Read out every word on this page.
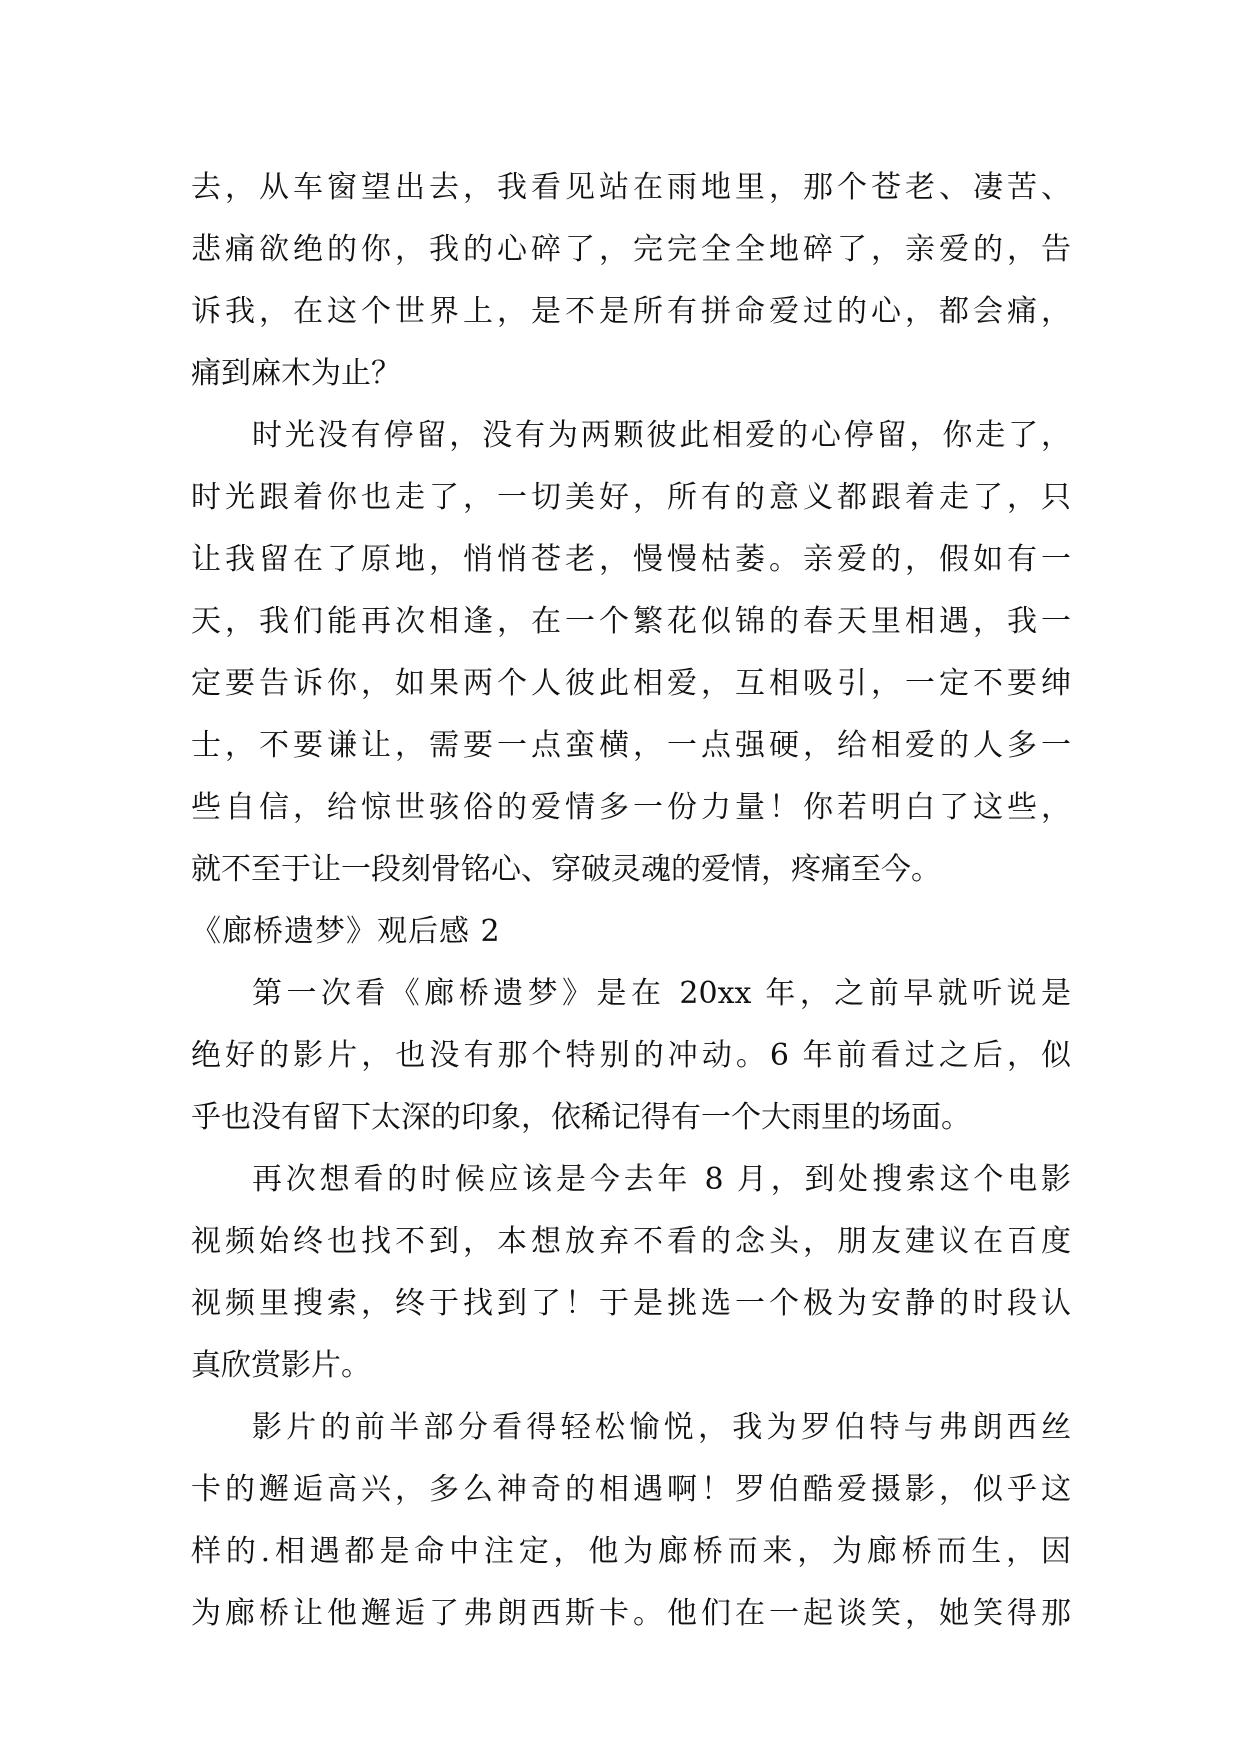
去，从车窗望出去，我看见站在雨地里，那个苍老、凄苦、
悲痛欲绝的你，我的心碎了，完完全全地碎了，亲爱的，告
诉我，在这个世界上，是不是所有拼命爱过的心，都会痛，
痛到麻木为止？
时光没有停留，没有为两颗彼此相爱的心停留，你走了，
时光跟着你也走了，一切美好，所有的意义都跟着走了，只
让我留在了原地，悄悄苍老，慢慢枯萎。亲爱的，假如有一
天，我们能再次相逢，在一个繁花似锦的春天里相遇，我一
定要告诉你，如果两个人彼此相爱，互相吸引，一定不要绅
士，不要谦让，需要一点蛮横，一点强硬，给相爱的人多一
些自信，给惊世骇俗的爱情多一份力量！你若明白了这些，
就不至于让一段刻骨铭心、穿破灵魂的爱情，疼痛至今。
《廊桥遗梦》观后感 2
第一次看《廊桥遗梦》是在 20xx 年，之前早就听说是
绝好的影片，也没有那个特别的冲动。6 年前看过之后，似
乎也没有留下太深的印象，依稀记得有一个大雨里的场面。
再次想看的时候应该是今去年 8 月，到处搜索这个电影
视频始终也找不到，本想放弃不看的念头，朋友建议在百度
视频里搜索，终于找到了！于是挑选一个极为安静的时段认
真欣赏影片。
影片的前半部分看得轻松愉悦，我为罗伯特与弗朗西丝
卡的邂逅高兴，多么神奇的相遇啊！罗伯酷爱摄影，似乎这
样的.相遇都是命中注定，他为廊桥而来，为廊桥而生，因
为廊桥让他邂逅了弗朗西斯卡。他们在一起谈笑，她笑得那
